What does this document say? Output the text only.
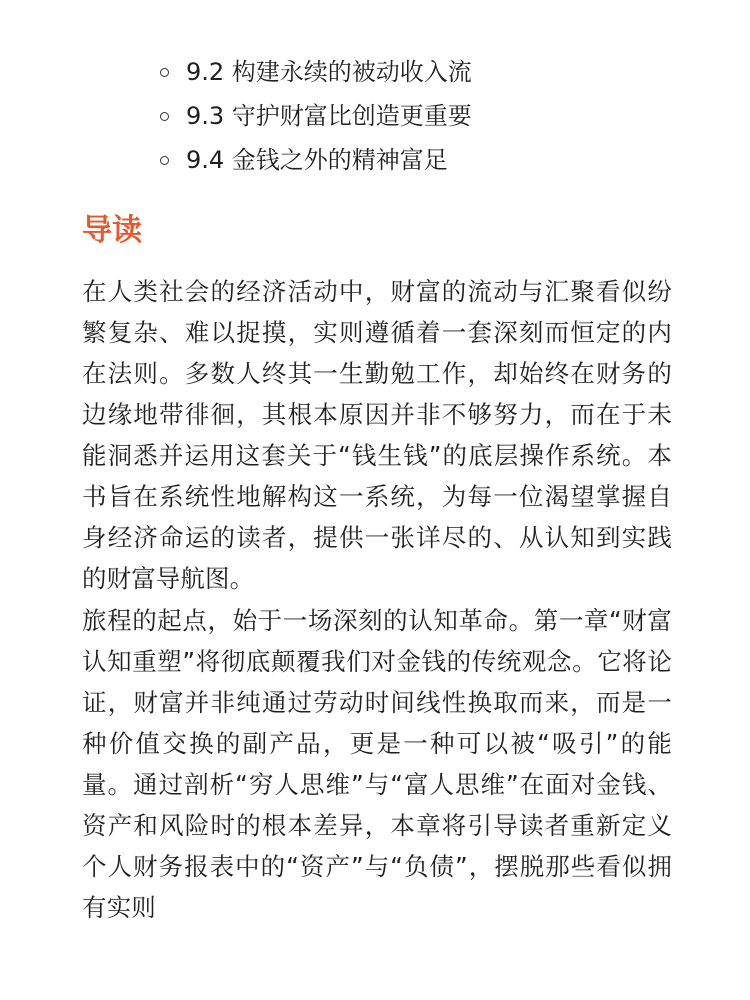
9.2 构建永续的被动收入流
9.3 守护财富比创造更重要
9.4 金钱之外的精神富足
导读

在人类社会的经济活动中，财富的流动与汇聚看似纷繁复杂、难以捉摸，实则遵循着一套深刻而恒定的内在法则。多数人终其一生勤勉工作，却始终在财务的边缘地带徘徊，其根本原因并非不够努力，而在于未能洞悉并运用这套关于“钱生钱”的底层操作系统。本书旨在系统性地解构这一系统，为每一位渴望掌握自身经济命运的读者，提供一张详尽的、从认知到实践的财富导航图。

旅程的起点，始于一场深刻的认知革命。第一章“财富认知重塑”将彻底颠覆我们对金钱的传统观念。它将论证，财富并非纯通过劳动时间线性换取而来，而是一种价值交换的副产品，更是一种可以被“吸引”的能量。通过剖析“穷人思维”与“富人思维”在面对金钱、资产和风险时的根本差异，本章将引导读者重新定义个人财务报表中的“资产”与“负债”，摆脱那些看似拥有实则
